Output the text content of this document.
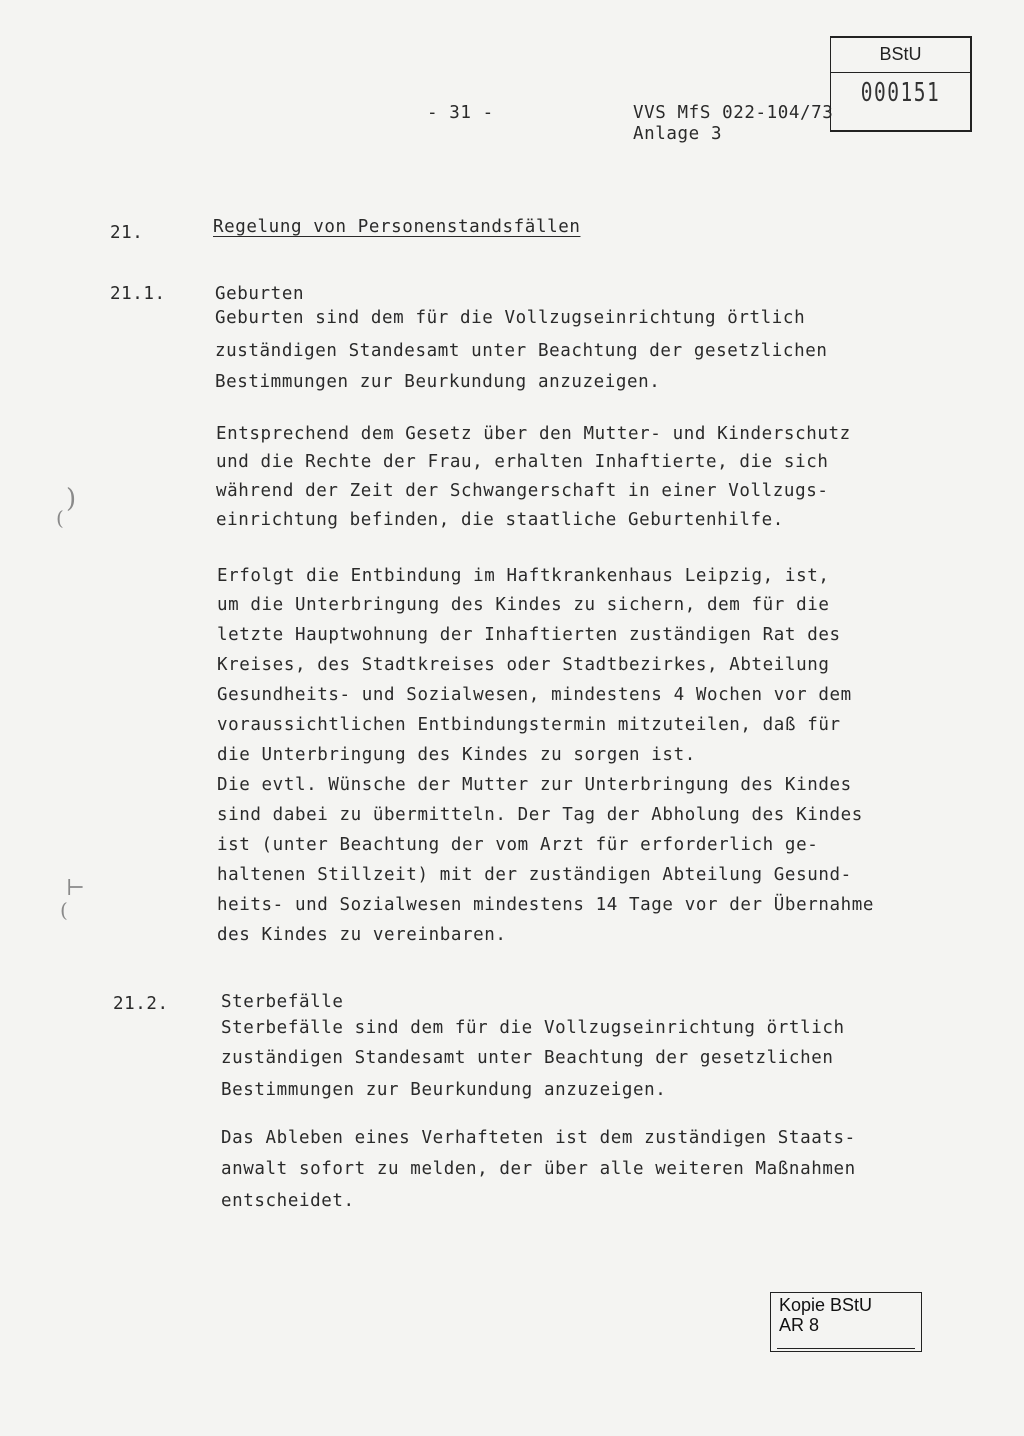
- 31 -	VVS MfS 022-104/73
Anlage 3
BStU
000151
21.	Regelung von Personenstandsfällen
21.1.	Geburten
Geburten sind dem für die Vollzugseinrichtung örtlich
zuständigen Standesamt unter Beachtung der gesetzlichen
Bestimmungen zur Beurkundung anzuzeigen.
Entsprechend dem Gesetz über den Mutter- und Kinderschutz
und die Rechte der Frau, erhalten Inhaftierte, die sich
während der Zeit der Schwangerschaft in einer Vollzugs-
einrichtung befinden, die staatliche Geburtenhilfe.
Erfolgt die Entbindung im Haftkrankenhaus Leipzig, ist,
um die Unterbringung des Kindes zu sichern, dem für die
letzte Hauptwohnung der Inhaftierten zuständigen Rat des
Kreises, des Stadtkreises oder Stadtbezirkes, Abteilung
Gesundheits- und Sozialwesen, mindestens 4 Wochen vor dem
voraussichtlichen Entbindungstermin mitzuteilen, daß für
die Unterbringung des Kindes zu sorgen ist.
Die evtl. Wünsche der Mutter zur Unterbringung des Kindes
sind dabei zu übermitteln. Der Tag der Abholung des Kindes
ist (unter Beachtung der vom Arzt für erforderlich ge-
haltenen Stillzeit) mit der zuständigen Abteilung Gesund-
heits- und Sozialwesen mindestens 14 Tage vor der Übernahme
des Kindes zu vereinbaren.
)
(
⊢
(
21.2.	Sterbefälle
Sterbefälle sind dem für die Vollzugseinrichtung örtlich
zuständigen Standesamt unter Beachtung der gesetzlichen
Bestimmungen zur Beurkundung anzuzeigen.
Das Ableben eines Verhafteten ist dem zuständigen Staats-
anwalt sofort zu melden, der über alle weiteren Maßnahmen
entscheidet.
Kopie BStU
AR 8
